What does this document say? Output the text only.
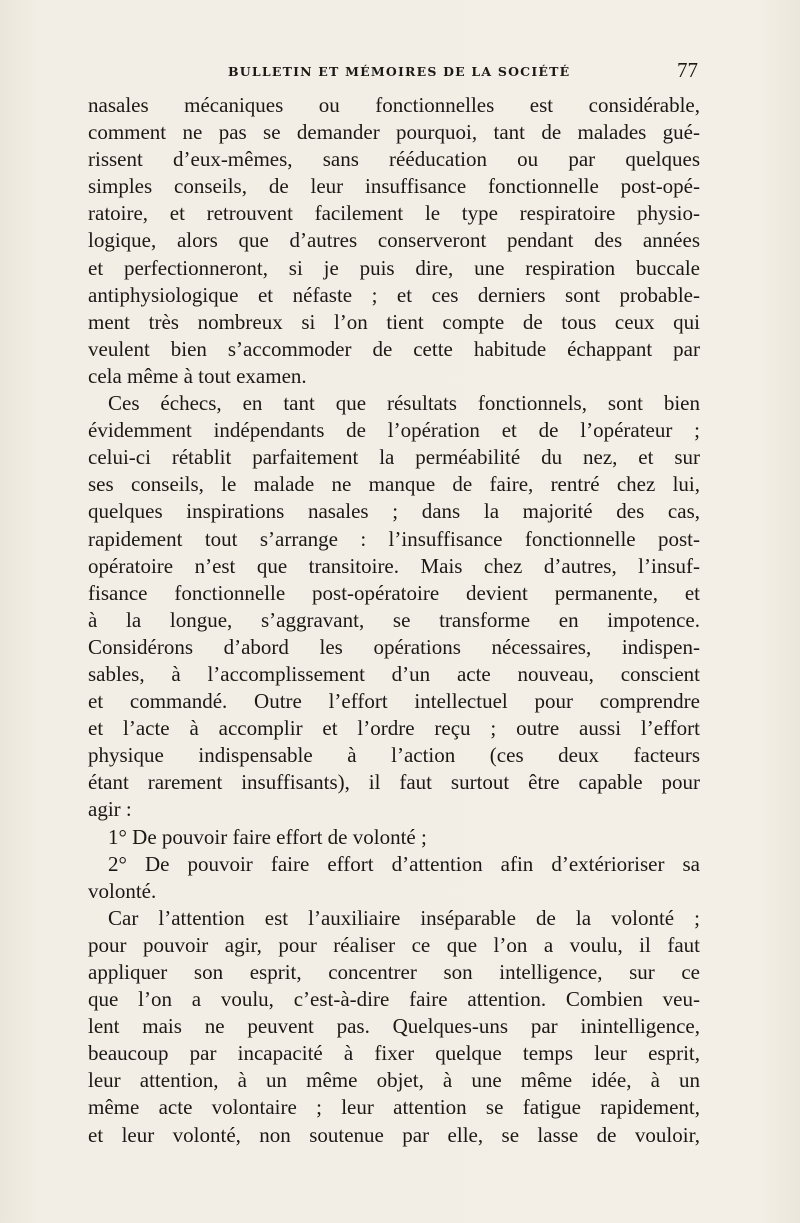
BULLETIN ET MÉMOIRES DE LA SOCIÉTÉ	77
nasales mécaniques ou fonctionnelles est considérable,
comment ne pas se demander pourquoi, tant de malades gué-
rissent d’eux-mêmes, sans rééducation ou par quelques
simples conseils, de leur insuffisance fonctionnelle post-opé-
ratoire, et retrouvent facilement le type respiratoire physio-
logique, alors que d’autres conserveront pendant des années
et perfectionneront, si je puis dire, une respiration buccale
antiphysiologique et néfaste ; et ces derniers sont probable-
ment très nombreux si l’on tient compte de tous ceux qui
veulent bien s’accommoder de cette habitude échappant par
cela même à tout examen.
Ces échecs, en tant que résultats fonctionnels, sont bien
évidemment indépendants de l’opération et de l’opérateur ;
celui-ci rétablit parfaitement la perméabilité du nez, et sur
ses conseils, le malade ne manque de faire, rentré chez lui,
quelques inspirations nasales ; dans la majorité des cas,
rapidement tout s’arrange : l’insuffisance fonctionnelle post-
opératoire n’est que transitoire. Mais chez d’autres, l’insuf-
fisance fonctionnelle post-opératoire devient permanente, et
à la longue, s’aggravant, se transforme en impotence.
Considérons d’abord les opérations nécessaires, indispen-
sables, à l’accomplissement d’un acte nouveau, conscient
et commandé. Outre l’effort intellectuel pour comprendre
et l’acte à accomplir et l’ordre reçu ; outre aussi l’effort
physique indispensable à l’action (ces deux facteurs
étant rarement insuffisants), il faut surtout être capable pour
agir :
1° De pouvoir faire effort de volonté ;
2° De pouvoir faire effort d’attention afin d’extérioriser sa
volonté.
Car l’attention est l’auxiliaire inséparable de la volonté ;
pour pouvoir agir, pour réaliser ce que l’on a voulu, il faut
appliquer son esprit, concentrer son intelligence, sur ce
que l’on a voulu, c’est-à-dire faire attention. Combien veu-
lent mais ne peuvent pas. Quelques-uns par inintelligence,
beaucoup par incapacité à fixer quelque temps leur esprit,
leur attention, à un même objet, à une même idée, à un
même acte volontaire ; leur attention se fatigue rapidement,
et leur volonté, non soutenue par elle, se lasse de vouloir,
